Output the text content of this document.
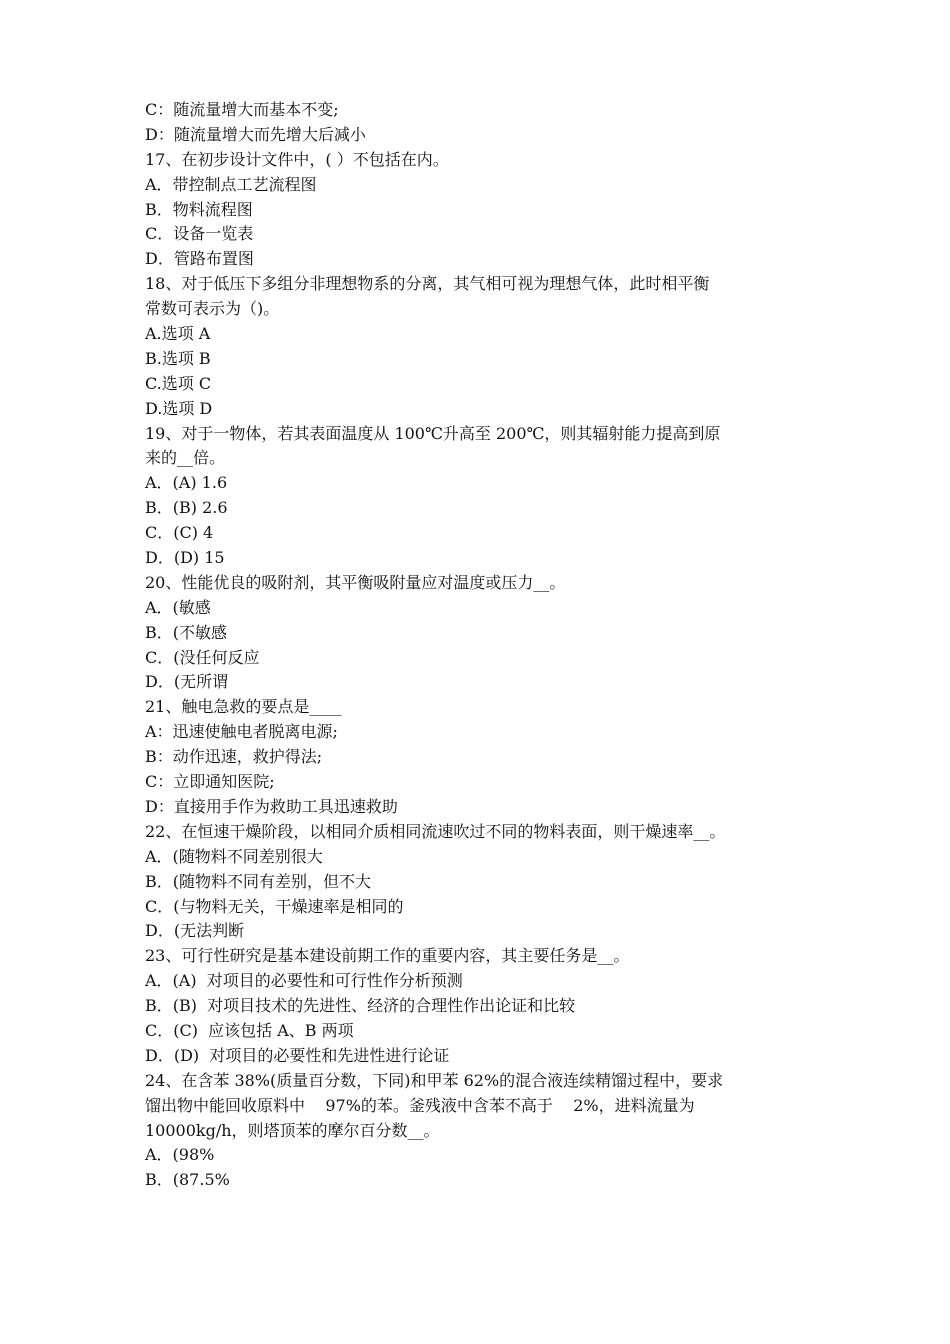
C：随流量增大而基本不变;
D：随流量增大而先增大后减小
17、在初步设计文件中，( ）不包括在内。
A．带控制点工艺流程图
B．物料流程图
C．设备一览表
D．管路布置图
18、对于低压下多组分非理想物系的分离，其气相可视为理想气体，此时相平衡
常数可表示为（)。
A.选项 A
B.选项 B
C.选项 C
D.选项 D
19、对于一物体，若其表面温度从 100℃升高至 200℃，则其辐射能力提高到原
来的__倍。
A．(A) 1.6
B．(B) 2.6
C．(C) 4
D．(D) 15
20、性能优良的吸附剂，其平衡吸附量应对温度或压力__。
A．(敏感
B．(不敏感
C．(没任何反应
D．(无所谓
21、触电急救的要点是____
A：迅速使触电者脱离电源;
B：动作迅速，救护得法;
C：立即通知医院;
D：直接用手作为救助工具迅速救助
22、在恒速干燥阶段，以相同介质相同流速吹过不同的物料表面，则干燥速率__。
A．(随物料不同差别很大
B．(随物料不同有差别，但不大
C．(与物料无关，干燥速率是相同的
D．(无法判断
23、可行性研究是基本建设前期工作的重要内容，其主要任务是__。
A．(A)  对项目的必要性和可行性作分析预测
B．(B)  对项目技术的先进性、经济的合理性作出论证和比较
C．(C)  应该包括 A、B 两项
D．(D)  对项目的必要性和先进性进行论证
24、在含苯 38%(质量百分数，下同)和甲苯 62%的混合液连续精馏过程中，要求
馏出物中能回收原料中    97%的苯。釜残液中含苯不高于    2%，进料流量为
10000kg/h，则塔顶苯的摩尔百分数__。
A．(98%
B．(87.5%
